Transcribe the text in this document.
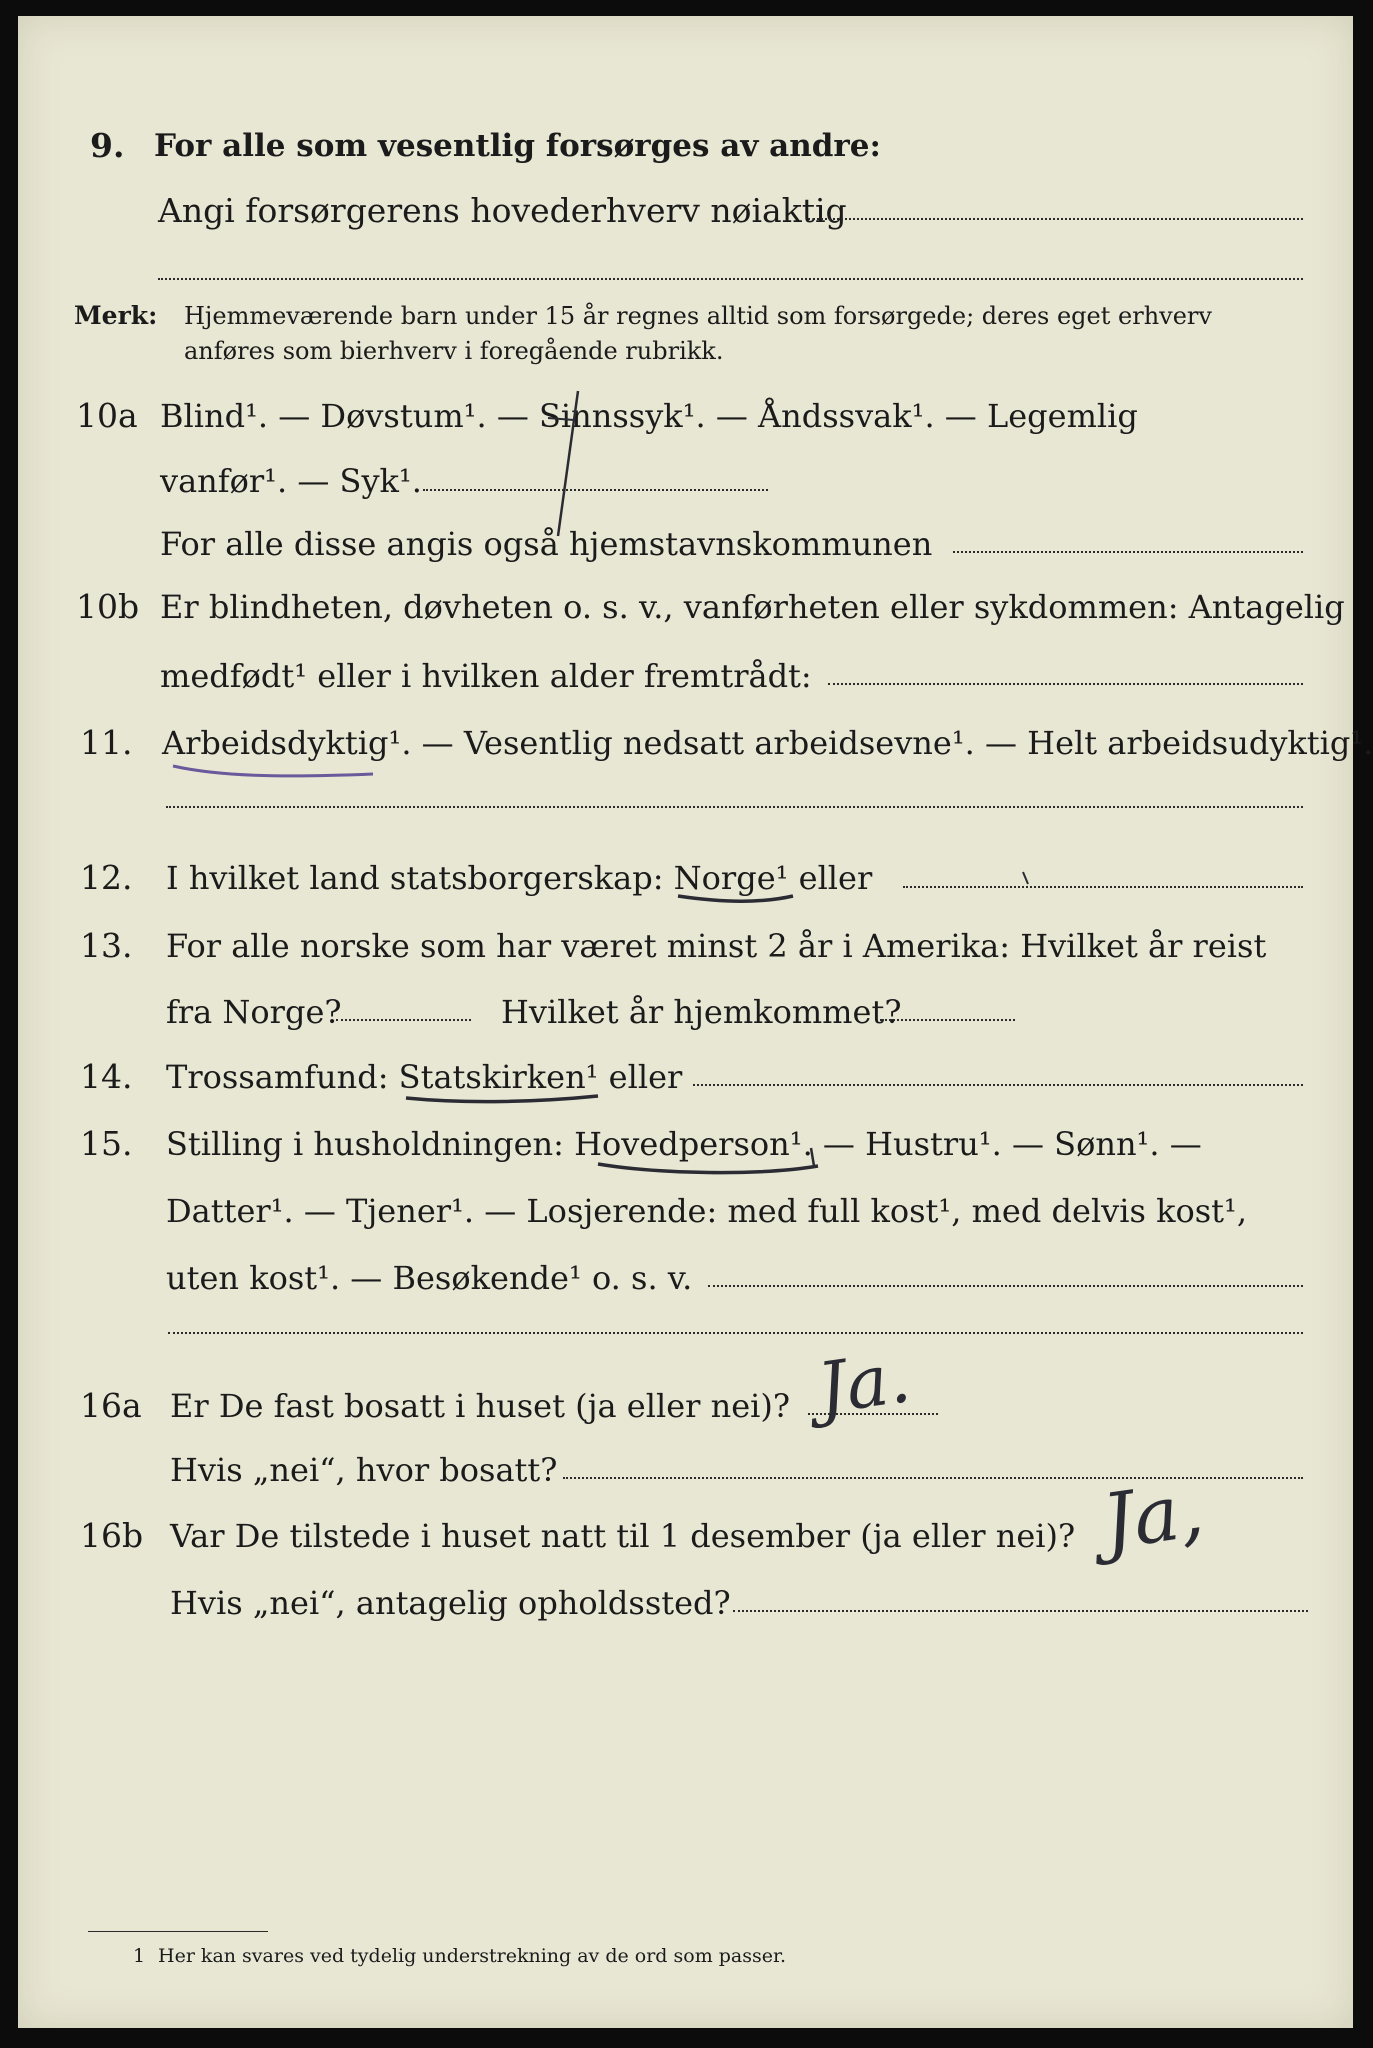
9. For alle som vesentlig forsørges av andre:
Angi forsørgerens hovederhverv nøiaktig
Merk: Hjemmeværende barn under 15 år regnes alltid som forsørgede; deres eget erhverv
anføres som bierhverv i foregående rubrikk.
10a Blind¹. — Døvstum¹. — Sinnssyk¹. — Åndssvak¹. — Legemlig
vanfør¹. — Syk¹.
For alle disse angis også hjemstavnskommunen
10b Er blindheten, døvheten o. s. v., vanførheten eller sykdommen: Antagelig
medfødt¹ eller i hvilken alder fremtrådt:
11. Arbeidsdyktig¹. — Vesentlig nedsatt arbeidsevne¹. — Helt arbeidsudyktig¹.
12. I hvilket land statsborgerskap: Norge¹ eller
13. For alle norske som har været minst 2 år i Amerika: Hvilket år reist
fra Norge?	Hvilket år hjemkommet?
14. Trossamfund: Statskirken¹ eller
15. Stilling i husholdningen: Hovedperson¹. — Hustru¹. — Sønn¹. —
Datter¹. — Tjener¹. — Losjerende: med full kost¹, med delvis kost¹,
uten kost¹. — Besøkende¹ o. s. v.
16a Er De fast bosatt i huset (ja eller nei)?
Hvis „nei“, hvor bosatt?
16b Var De tilstede i huset natt til 1 desember (ja eller nei)?
Hvis „nei“, antagelig opholdssted?
Ja.
Ja,
1 Her kan svares ved tydelig understrekning av de ord som passer.
